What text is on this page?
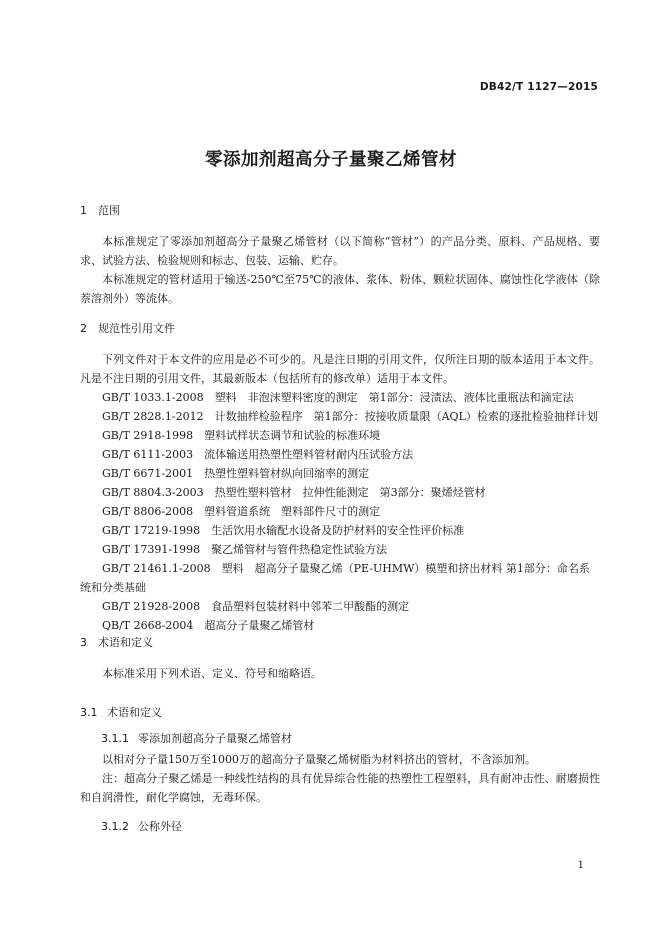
DB42/T 1127—2015
零添加剂超高分子量聚乙烯管材
1 范围
本标准规定了零添加剂超高分子量聚乙烯管材（以下简称“管材”）的产品分类、原料、产品规格、要求、试验方法、检验规则和标志、包装、运输、贮存。
本标准规定的管材适用于输送-250℃至75℃的液体、浆体、粉体、颗粒状固体、腐蚀性化学液体（除萘溶剂外）等流体。
2 规范性引用文件
下列文件对于本文件的应用是必不可少的。凡是注日期的引用文件，仅所注日期的版本适用于本文件。凡是不注日期的引用文件，其最新版本（包括所有的修改单）适用于本文件。
GB/T 1033.1-2008　塑料　非泡沫塑料密度的测定　第1部分：浸渍法、液体比重瓶法和滴定法
GB/T 2828.1-2012　计数抽样检验程序　第1部分：按接收质量限（AQL）检索的逐批检验抽样计划
GB/T 2918-1998　塑料试样状态调节和试验的标准环境
GB/T 6111-2003　流体输送用热塑性塑料管材耐内压试验方法
GB/T 6671-2001　热塑性塑料管材纵向回缩率的测定
GB/T 8804.3-2003　热塑性塑料管材　拉伸性能测定　第3部分：聚烯烃管材
GB/T 8806-2008　塑料管道系统　塑料部件尺寸的测定
GB/T 17219-1998　生活饮用水输配水设备及防护材料的安全性评价标准
GB/T 17391-1998　聚乙烯管材与管件热稳定性试验方法
GB/T 21461.1-2008　塑料　超高分子量聚乙烯（PE-UHMW）模塑和挤出材料 第1部分：命名系统和分类基础
GB/T 21928-2008　食品塑料包装材料中邻苯二甲酸酯的测定
QB/T 2668-2004　超高分子量聚乙烯管材
3 术语和定义
本标准采用下列术语、定义、符号和缩略语。
3.1 术语和定义
3.1.1 零添加剂超高分子量聚乙烯管材
以相对分子量150万至1000万的超高分子量聚乙烯树脂为材料挤出的管材，不含添加剂。
注：超高分子聚乙烯是一种线性结构的具有优异综合性能的热塑性工程塑料，具有耐冲击性、耐磨损性和自润滑性，耐化学腐蚀，无毒环保。
3.1.2 公称外径
1
